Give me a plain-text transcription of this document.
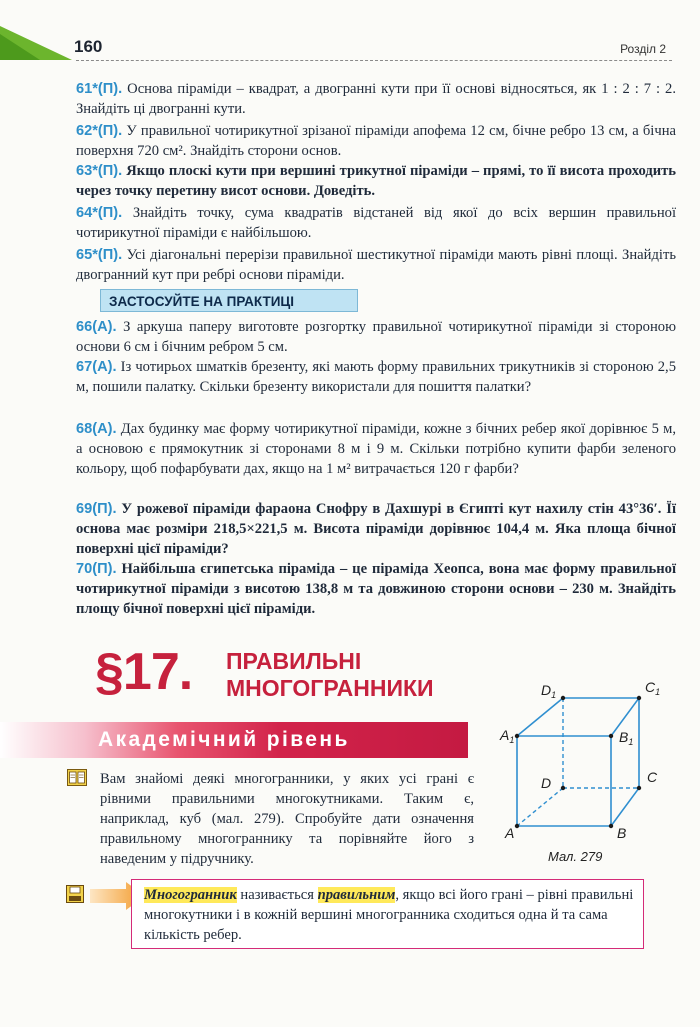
160	Розділ 2

61*(П). Основа піраміди – квадрат, а двогранні кути при її основі відносяться, як 1 : 2 : 7 : 2. Знайдіть ці двогранні кути.

62*(П). У правильної чотирикутної зрізаної піраміди апофема 12 см, бічне ребро 13 см, а бічна поверхня 720 см². Знайдіть сторони основ.

63*(П). Якщо плоскі кути при вершині трикутної піраміди – прямі, то її висота проходить через точку перетину висот основи. Доведіть.

64*(П). Знайдіть точку, сума квадратів відстаней від якої до всіх вершин правильної чотирикутної піраміди є найбільшою.

65*(П). Усі діагональні перерізи правильної шестикутної піраміди мають рівні площі. Знайдіть двогранний кут при ребрі основи піраміди.

ЗАСТОСУЙТЕ НА ПРАКТИЦІ

66(А). З аркуша паперу виготовте розгортку правильної чотирикутної піраміди зі стороною основи 6 см і бічним ребром 5 см.

67(А). Із чотирьох шматків брезенту, які мають форму правильних трикутників зі стороною 2,5 м, пошили палатку. Скільки брезенту використали для пошиття палатки?

68(А). Дах будинку має форму чотирикутної піраміди, кожне з бічних ребер якої дорівнює 5 м, а основою є прямокутник зі сторонами 8 м і 9 м. Скільки потрібно купити фарби зеленого кольору, щоб пофарбувати дах, якщо на 1 м² витрачається 120 г фарби?

69(П). У рожевої піраміди фараона Снофру в Дахшурі в Єгипті кут нахилу стін 43°36′. Її основа має розміри 218,5×221,5 м. Висота піраміди дорівнює 104,4 м. Яка площа бічної поверхні цієї піраміди?

70(П). Найбільша єгипетська піраміда – це піраміда Хеопса, вона має форму правильної чотирикутної піраміди з висотою 138,8 м та довжиною сторони основи – 230 м. Знайдіть площу бічної поверхні цієї піраміди.

§17. ПРАВИЛЬНІ
МНОГОГРАННИКИ
Академічний рівень

Вам знайомі деякі многогранники, у яких усі грані є рівними правильними многокутниками. Таким є, наприклад, куб (мал. 279). Спробуйте дати означення правильному многограннику та порівняйте його з наведеним у підручнику.

$D_1$	$C_1$
$A_1$	$B_1$
D	C
A	B
Мал. 279
Многогранник називається правильним, якщо всі його грані – рівні правильні многокутники і в кожній вершині многогранника сходиться одна й та сама кількість ребер.
